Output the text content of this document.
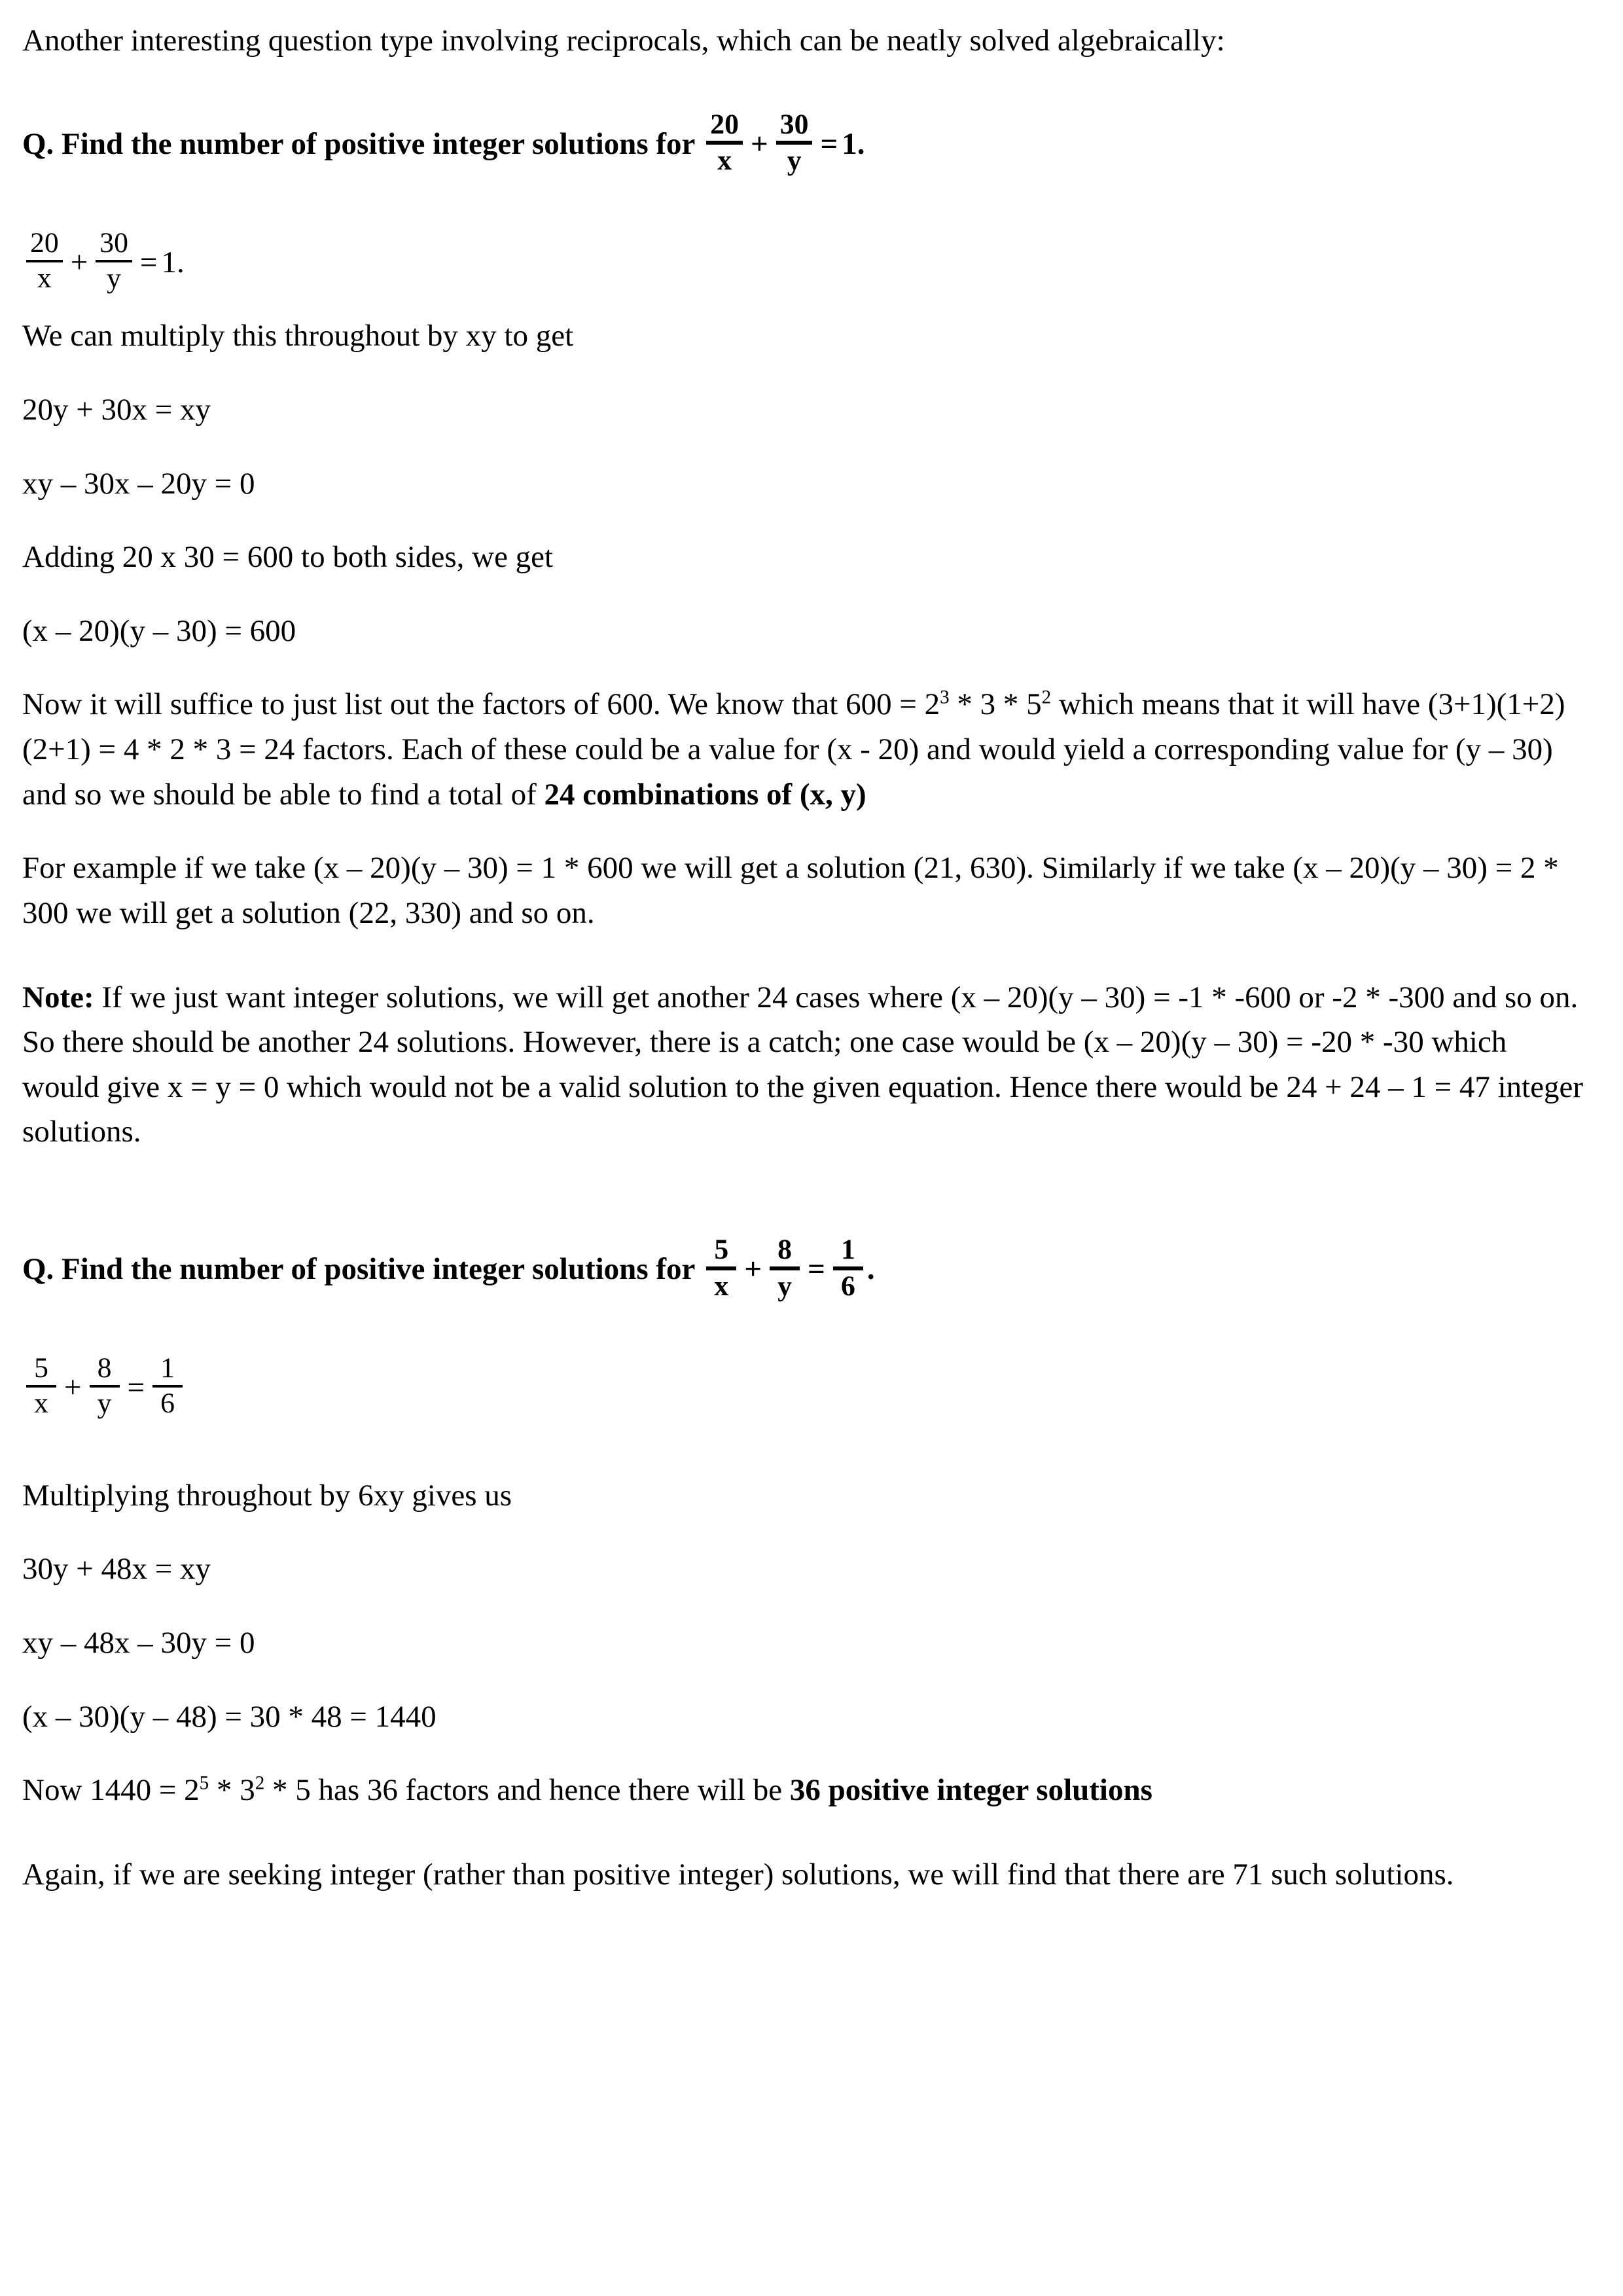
Another interesting question type involving reciprocals, which can be neatly solved algebraically:

Q. Find the number of positive integer solutions for
20
x +
30
y = 1.
$\frac{20}{x} + \frac{30}{y} = 1$.

We can multiply this throughout by xy to get

20y + 30x = xy

xy – 30x – 20y = 0

Adding 20 x 30 = 600 to both sides, we get

(x – 20)(y – 30) = 600

Now it will suffice to just list out the factors of 600. We know that $600 = 2^3 * 3 * 5^2$ which means that it will have (3+1)(1+2)(2+1) = 4 * 2 * 3 = 24 factors. Each of these could be a value for (x - 20) and would yield a corresponding value for (y – 30) and so we should be able to find a total of 24 combinations of (x, y)

For example if we take (x – 20)(y – 30) = 1 * 600 we will get a solution (21, 630). Similarly if we take (x – 20)(y – 30) = 2 * 300 we will get a solution (22, 330) and so on.

Note: If we just want integer solutions, we will get another 24 cases where (x – 20)(y – 30) = -1 * -600 or -2 * -300 and so on. So there should be another 24 solutions. However, there is a catch; one case would be (x – 20)(y – 30) = -20 * -30 which would give x = y = 0 which would not be a valid solution to the given equation. Hence there would be 24 + 24 – 1 = 47 integer solutions.

Q. Find the number of positive integer solutions for
5
x +
8
y =
1
6 .
$\frac{5}{x} + \frac{8}{y} = \frac{1}{6}$

Multiplying throughout by 6xy gives us

30y + 48x = xy

xy – 48x – 30y = 0

(x – 30)(y – 48) = 30 * 48 = 1440

Now $1440 = 2^5 * 3^2 * 5$ has 36 factors and hence there will be 36 positive integer solutions

Again, if we are seeking integer (rather than positive integer) solutions, we will find that there are 71 such solutions.
